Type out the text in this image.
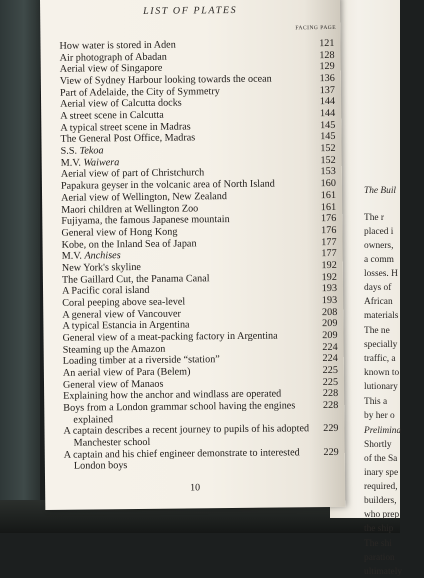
The Buil
The r
placed i
owners,
a comm
losses. H
days of
African
materials
The ne
specially
traffic, a
known to
lutionary
This a
by her o
Prelimina
Shortly
of the Sa
inary spe
required,
builders,
who prep
the ship
The shi
paration
ultimately
LIST OF PLATES
FACING PAGE
How water is stored in Aden	121
Air photograph of Abadan	128
Aerial view of Singapore	129
View of Sydney Harbour looking towards the ocean	136
Part of Adelaide, the City of Symmetry	137
Aerial view of Calcutta docks	144
A street scene in Calcutta	144
A typical street scene in Madras	145
The General Post Office, Madras	145
S.S. Tekoa	152
M.V. Waiwera	152
Aerial view of part of Christchurch	153
Papakura geyser in the volcanic area of North Island	160
Aerial view of Wellington, New Zealand	161
Maori children at Wellington Zoo	161
Fujiyama, the famous Japanese mountain	176
General view of Hong Kong	176
Kobe, on the Inland Sea of Japan	177
M.V. Anchises	177
New York's skyline	192
The Gaillard Cut, the Panama Canal	192
A Pacific coral island	193
Coral peeping above sea-level	193
A general view of Vancouver	208
A typical Estancia in Argentina	209
General view of a meat-packing factory in Argentina	209
Steaming up the Amazon	224
Loading timber at a riverside “station”	224
An aerial view of Para (Belem)	225
General view of Manaos	225
Explaining how the anchor and windlass are operated	228
Boys from a London grammar school having the engines	228
explained
A captain describes a recent journey to pupils of his adopted	229
Manchester school
A captain and his chief engineer demonstrate to interested	229
London boys
10
